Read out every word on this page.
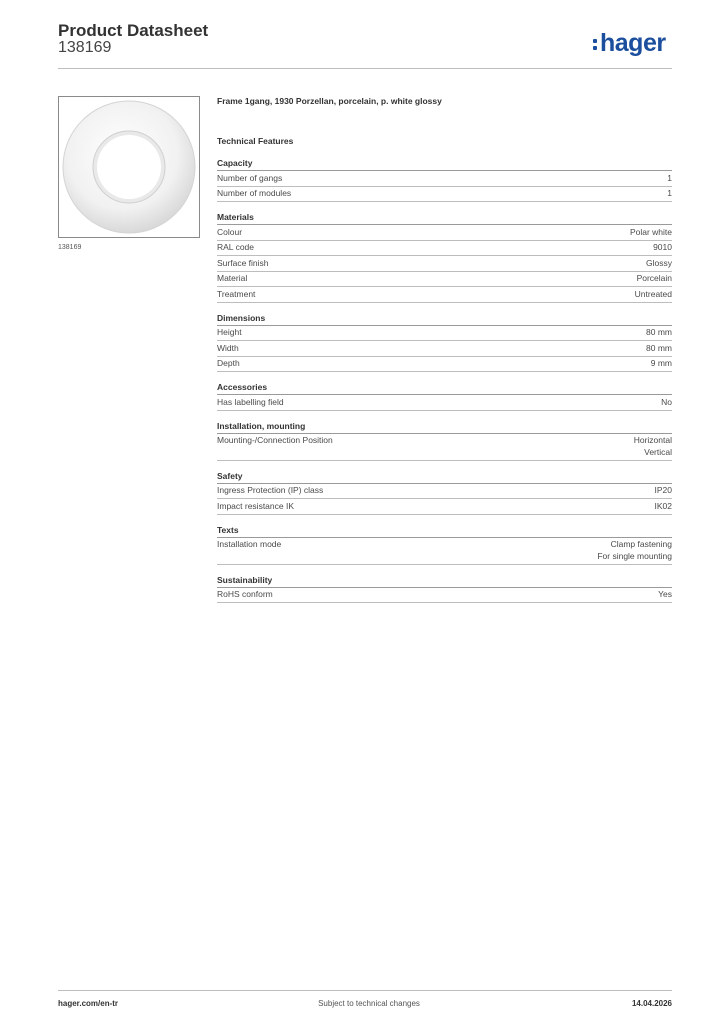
Product Datasheet
138169	hager
138169
Frame 1gang, 1930 Porzellan, porcelain, p. white glossy
Technical Features
Capacity
Number of gangs	1
Number of modules	1
Materials
Colour	Polar white
RAL code	9010
Surface finish	Glossy
Material	Porcelain
Treatment	Untreated
Dimensions
Height	80 mm
Width	80 mm
Depth	9 mm
Accessories
Has labelling field	No
Installation, mounting
Mounting-/Connection Position	Horizontal
Vertical
Safety
Ingress Protection (IP) class	IP20
Impact resistance IK	IK02
Texts
Installation mode	Clamp fastening
For single mounting
Sustainability
RoHS conform	Yes
hager.com/en-tr	Subject to technical changes	14.04.2026
